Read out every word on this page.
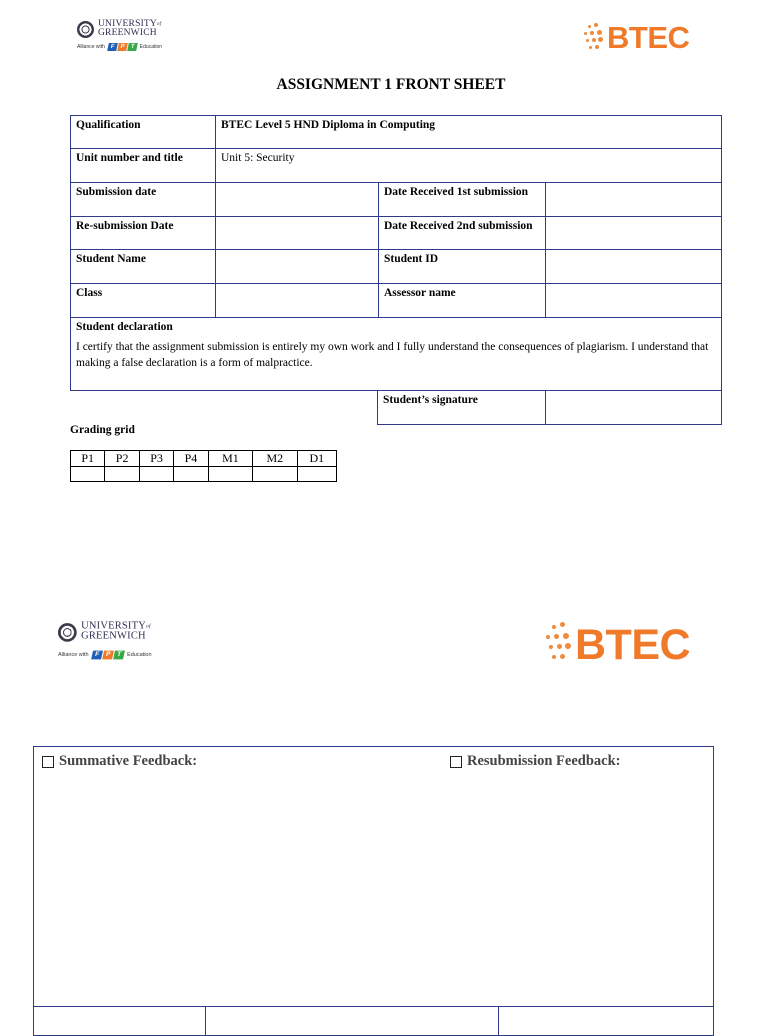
$UNIVERSITY^{of}$
GREENWICH
Alliance with F P T	Education	BTEC
ASSIGNMENT 1 FRONT SHEET
Qualification	BTEC Level 5 HND Diploma in Computing
Unit number and title	Unit 5: Security
Submission date	Date Received 1st submission
Re-submission Date	Date Received 2nd submission
Student Name	Student ID
Class	Assessor name
Student declaration
I certify that the assignment submission is entirely my own work and I fully understand the consequences of plagiarism. I understand that making a false declaration is a form of malpractice.
Student’s signature
Grading grid
P1	P2	P3	P4	M1	M2	D1

$UNIVERSITY^{of}$
GREENWICH
Alliance with F P T	Education	BTEC
Summative Feedback:	Resubmission Feedback:
